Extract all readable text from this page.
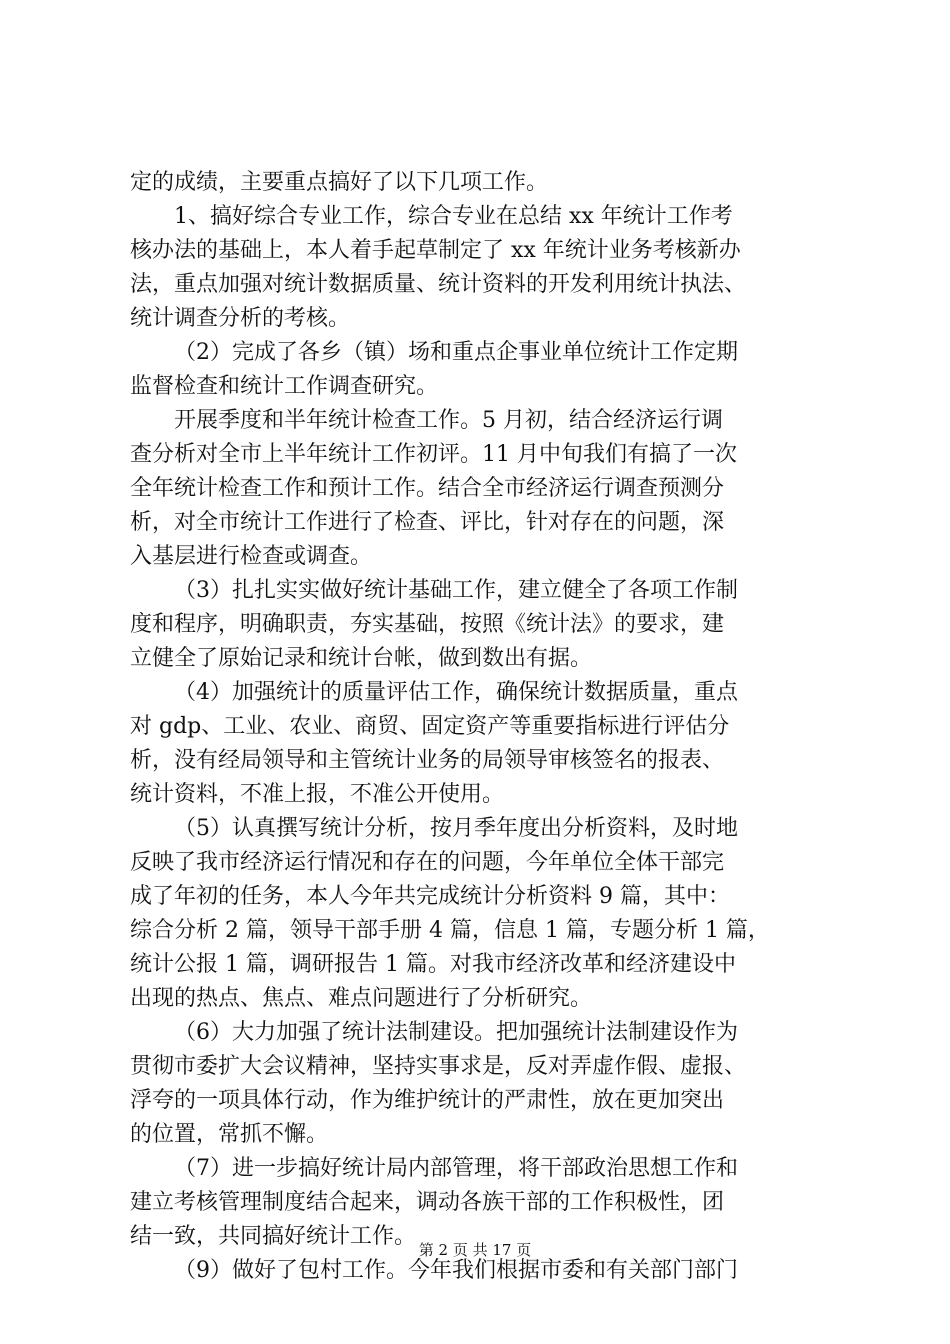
定的成绩，主要重点搞好了以下几项工作。
1、搞好综合专业工作，综合专业在总结 xx 年统计工作考
核办法的基础上，本人着手起草制定了 xx 年统计业务考核新办
法，重点加强对统计数据质量、统计资料的开发利用统计执法、
统计调查分析的考核。
（2）完成了各乡（镇）场和重点企事业单位统计工作定期
监督检查和统计工作调查研究。
开展季度和半年统计检查工作。5 月初，结合经济运行调
查分析对全市上半年统计工作初评。11 月中旬我们有搞了一次
全年统计检查工作和预计工作。结合全市经济运行调查预测分
析，对全市统计工作进行了检查、评比，针对存在的问题，深
入基层进行检查或调查。
（3）扎扎实实做好统计基础工作，建立健全了各项工作制
度和程序，明确职责，夯实基础，按照《统计法》的要求，建
立健全了原始记录和统计台帐，做到数出有据。
（4）加强统计的质量评估工作，确保统计数据质量，重点
对 gdp、工业、农业、商贸、固定资产等重要指标进行评估分
析，没有经局领导和主管统计业务的局领导审核签名的报表、
统计资料，不准上报，不准公开使用。
（5）认真撰写统计分析，按月季年度出分析资料，及时地
反映了我市经济运行情况和存在的问题，今年单位全体干部完
成了年初的任务，本人今年共完成统计分析资料 9 篇，其中：
综合分析 2 篇，领导干部手册 4 篇，信息 1 篇，专题分析 1 篇，
统计公报 1 篇，调研报告 1 篇。对我市经济改革和经济建设中
出现的热点、焦点、难点问题进行了分析研究。
（6）大力加强了统计法制建设。把加强统计法制建设作为
贯彻市委扩大会议精神，坚持实事求是，反对弄虚作假、虚报、
浮夸的一项具体行动，作为维护统计的严肃性，放在更加突出
的位置，常抓不懈。
（7）进一步搞好统计局内部管理，将干部政治思想工作和
建立考核管理制度结合起来，调动各族干部的工作积极性，团
结一致，共同搞好统计工作。
（9）做好了包村工作。今年我们根据市委和有关部门部门
第 2 页 共 17 页
